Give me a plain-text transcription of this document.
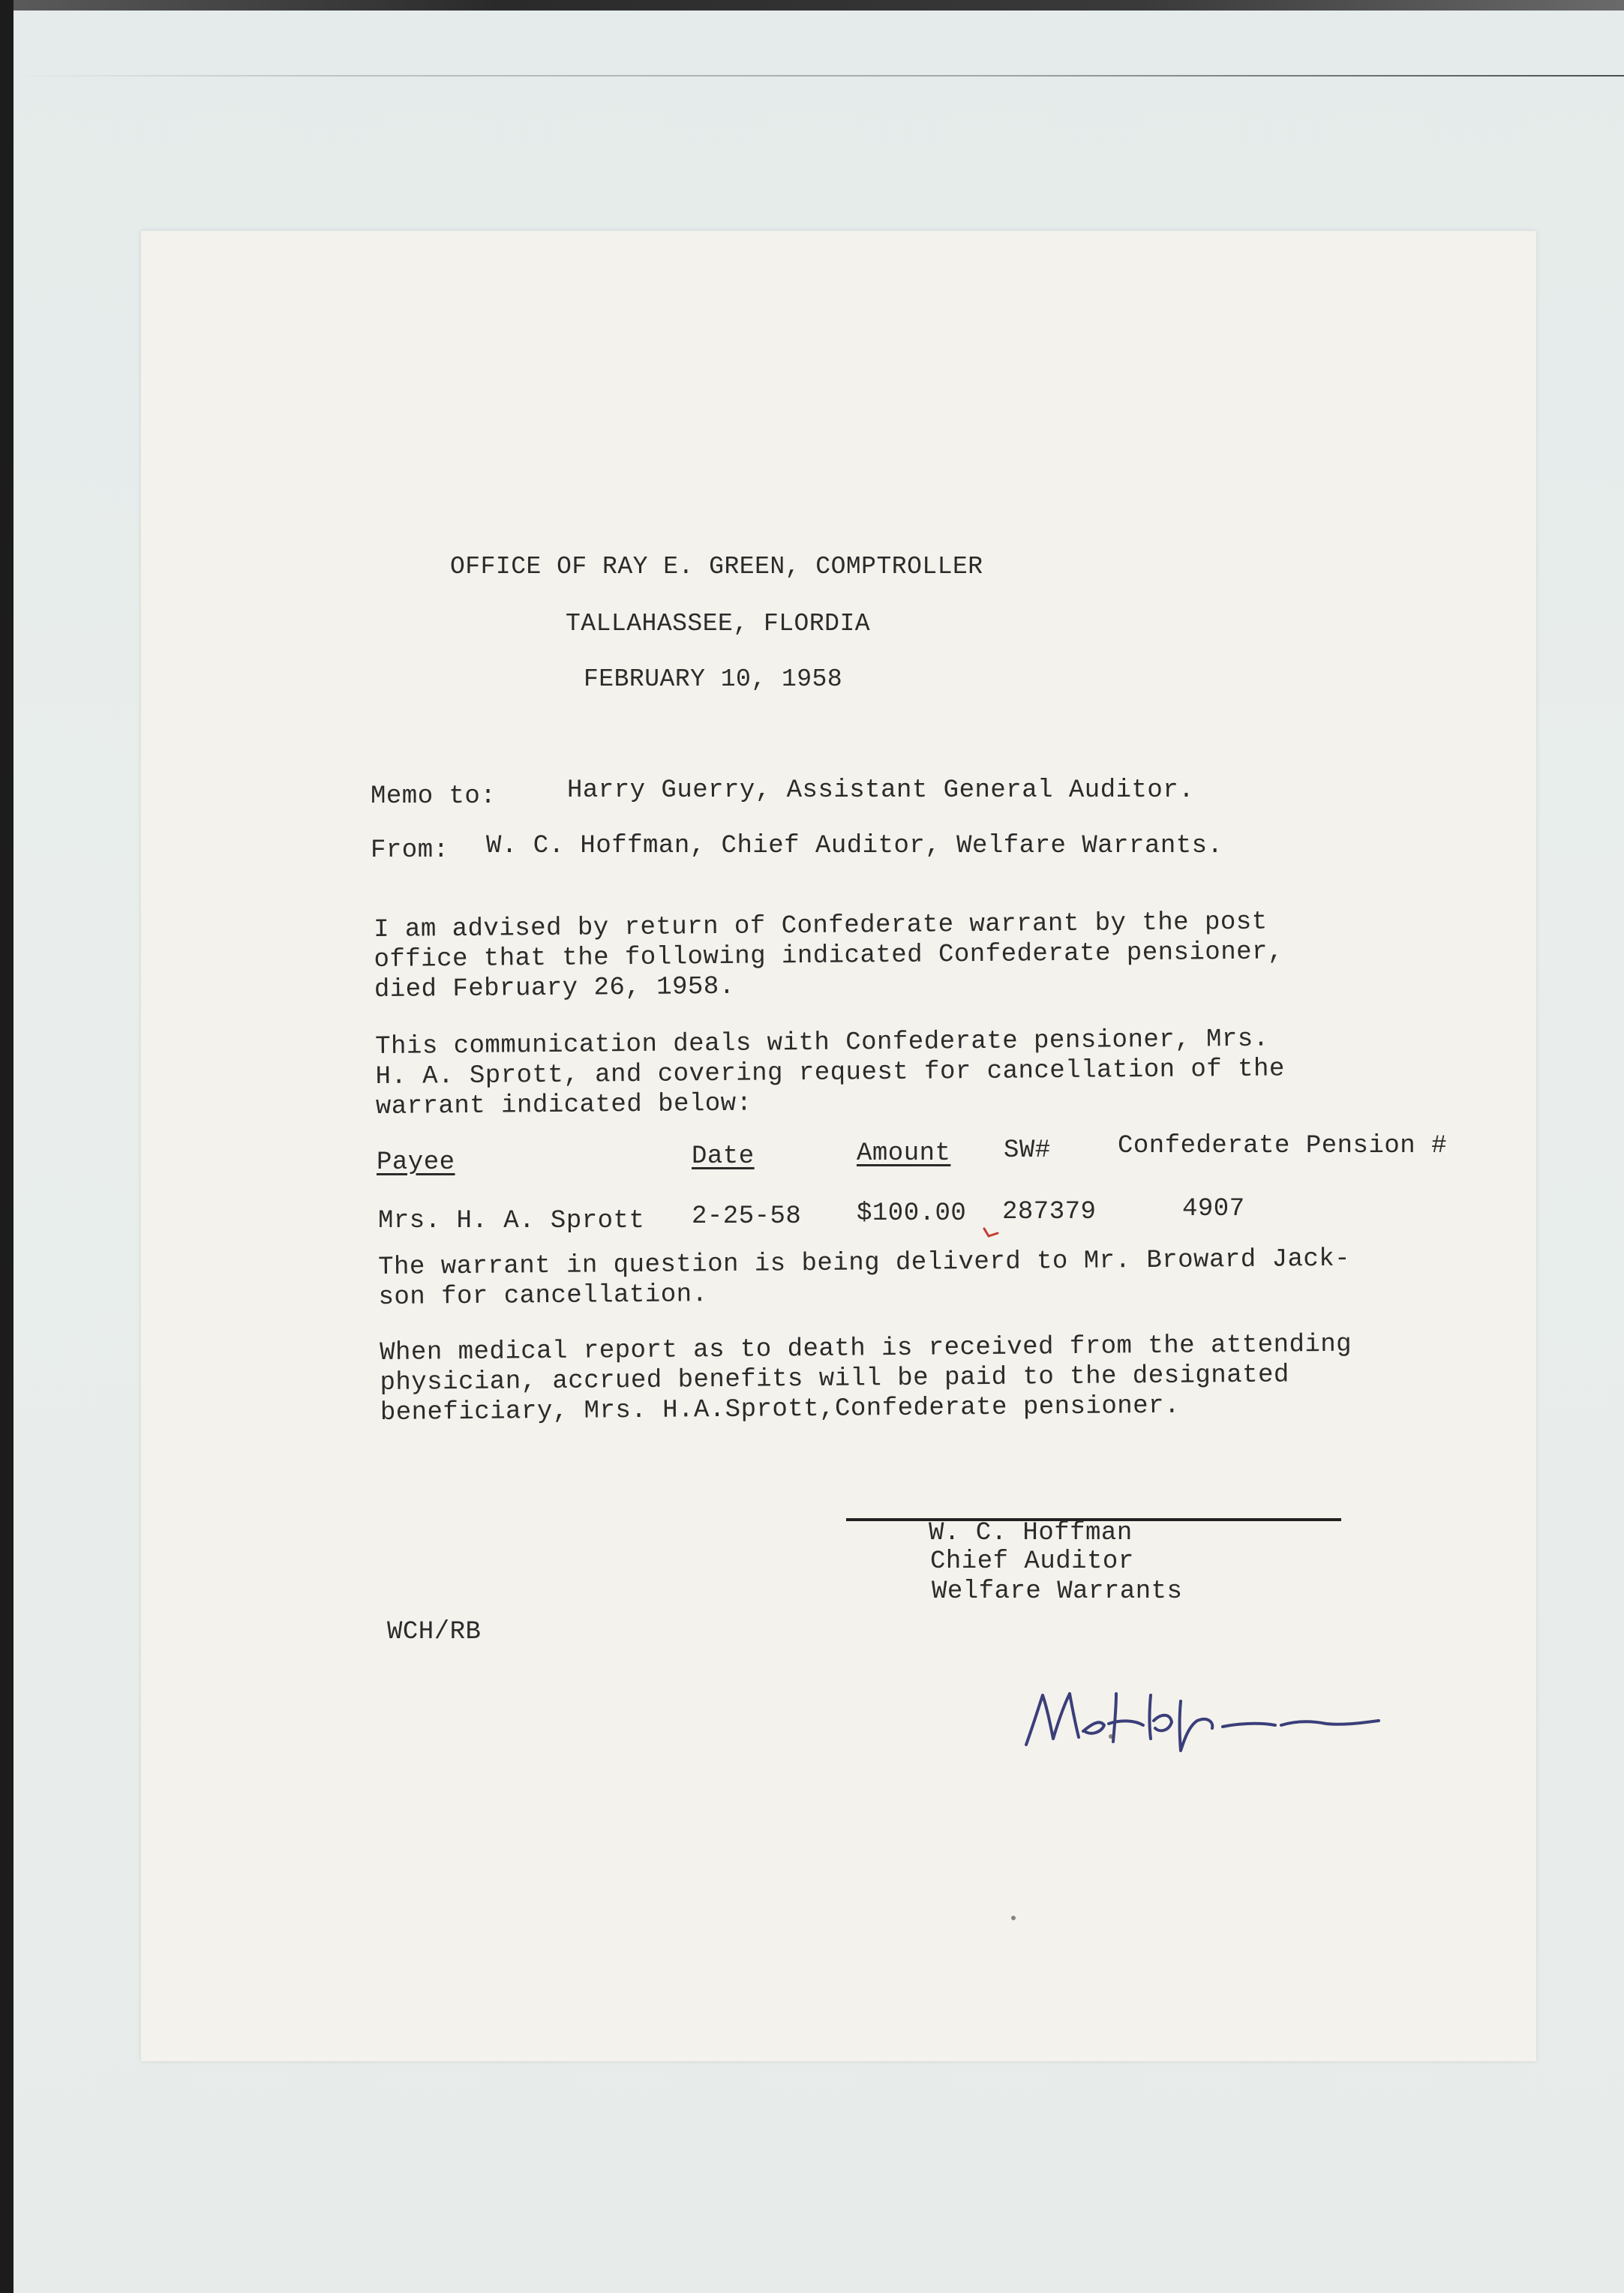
OFFICE OF RAY E. GREEN, COMPTROLLER

TALLAHASSEE, FLORDIA

FEBRUARY 10, 1958

Memo to:	Harry Guerry, Assistant General Auditor.

From: W. C. Hoffman, Chief Auditor, Welfare Warrants.

I am advised by return of Confederate warrant by the post
office that the following indicated Confederate pensioner,
died February 26, 1958.

This communication deals with Confederate pensioner, Mrs.
H. A. Sprott, and covering request for cancellation of the
warrant indicated below:

Payee	Date	Amount SW#	Confederate Pension #

Mrs. H. A. Sprott 2-25-58 $100.00 287379	4907

The warrant in question is being deliverd to Mr. Broward Jack-
son for cancellation.

When medical report as to death is received from the attending
physician, accrued benefits will be paid to the designated
beneficiary, Mrs. H.A.Sprott,Confederate pensioner.

W. C. Hoffman

Chief Auditor

Welfare Warrants

WCH/RB
